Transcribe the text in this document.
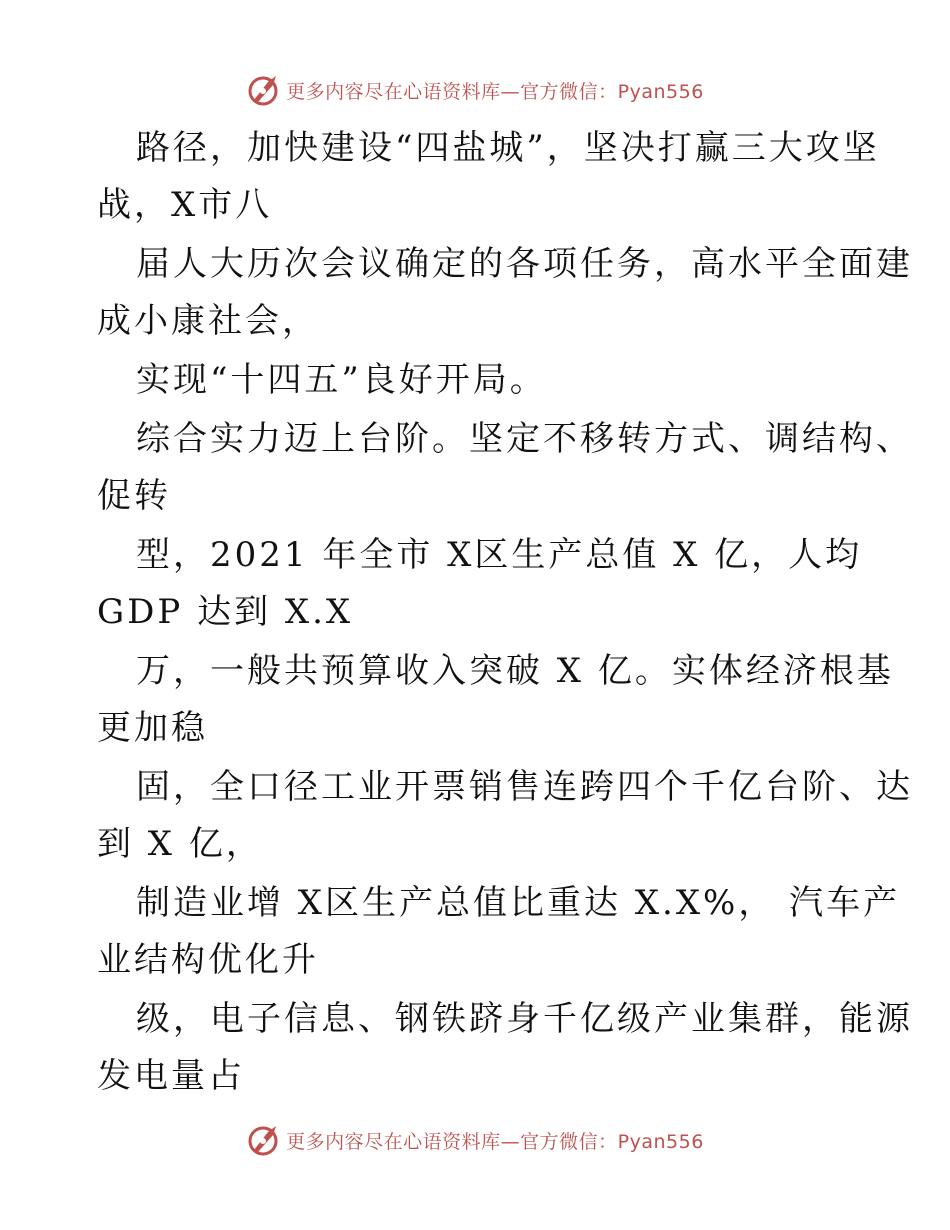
更多内容尽在心语资料库—官方微信：Pyan556
路径，加快建设“四盐城”，坚决打赢三大攻坚
战，X市八
届人大历次会议确定的各项任务，高水平全面建
成小康社会，
实现“十四五”良好开局。
综合实力迈上台阶。坚定不移转方式、调结构、
促转
型，2021 年全市 X区生产总值 X 亿，人均
GDP 达到 X.X
万，一般共预算收入突破 X 亿。实体经济根基
更加稳
固，全口径工业开票销售连跨四个千亿台阶、达
到 X 亿，
制造业增 X区生产总值比重达 X.X%， 汽车产
业结构优化升
级，电子信息、钢铁跻身千亿级产业集群，能源
发电量占
更多内容尽在心语资料库—官方微信：Pyan556
